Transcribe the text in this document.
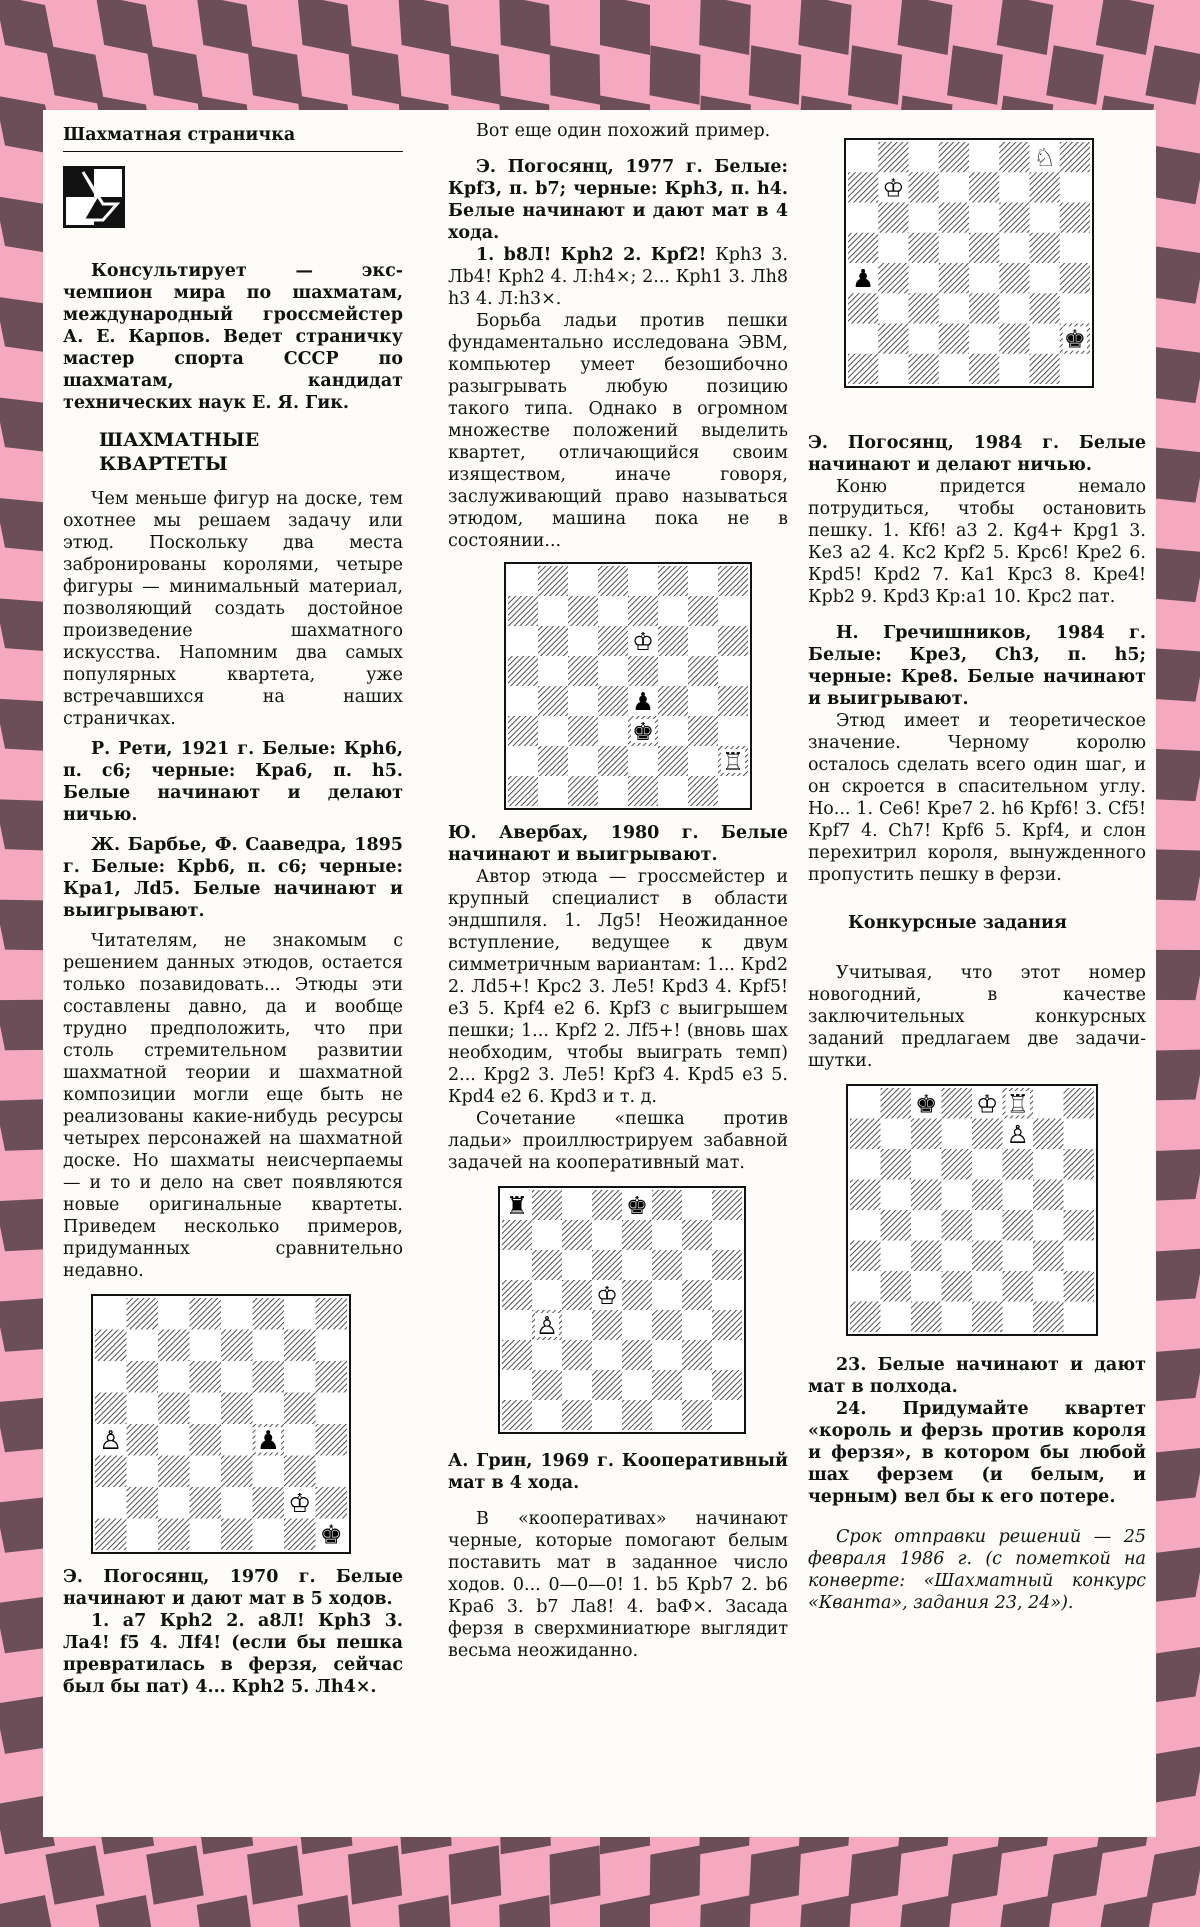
Шахматная страничка

Консультирует — экс-чемпион мира по шахматам, международный гроссмейстер А. Е. Карпов. Ведет страничку мастер спорта СССР по шахматам, кандидат технических наук Е. Я. Гик.

ШАХМАТНЫЕ
КВАРТЕТЫ

Чем меньше фигур на доске, тем охотнее мы решаем задачу или этюд. Поскольку два места забронированы королями, четыре фигуры — минимальный материал, позволяющий создать достойное произведение шахматного искусства. Напомним два самых популярных квартета, уже встречавшихся на наших страничках.

Р. Рети, 1921 г. Белые: Крh6, п. c6; черные: Кра6, п. h5. Белые начинают и делают ничью.

Ж. Барбье, Ф. Сааведра, 1895 г. Белые: Крb6, п. c6; черные: Кра1, Лd5. Белые начинают и выигрывают.

Читателям, не знакомым с решением данных этюдов, остается только позавидовать... Этюды эти составлены давно, да и вообще трудно предположить, что при столь стремительном развитии шахматной теории и шахматной композиции могли еще быть не реализованы какие-нибудь ресурсы четырех персонажей на шахматной доске. Но шахматы неисчерпаемы — и то и дело на свет появляются новые оригинальные квартеты. Приведем несколько примеров, придуманных сравнительно недавно.

♙	♟
♔
♚

Э. Погосянц, 1970 г. Белые начинают и дают мат в 5 ходов.

1. a7 Крh2 2. a8Л! Крh3 3. Лa4! f5 4. Лf4! (если бы пешка превратилась в ферзя, сейчас был бы пат) 4... Крh2 5. Лh4×.

Вот еще один похожий пример.

Э. Погосянц, 1977 г. Белые: Крf3, п. b7; черные: Крh3, п. h4. Белые начинают и дают мат в 4 хода.

1. b8Л! Крh2 2. Крf2! Крh3 3. Лb4! Крh2 4. Л:h4×; 2... Крh1 3. Лh8 h3 4. Л:h3×.

Борьба ладьи против пешки фундаментально исследована ЭВМ, компьютер умеет безошибочно разыгрывать любую позицию такого типа. Однако в огромном множестве положений выделить квартет, отличающийся своим изяществом, иначе говоря, заслуживающий право называться этюдом, машина пока не в состоянии...

♔
♟
♚
♖

Ю. Авербах, 1980 г. Белые начинают и выигрывают.

Автор этюда — гроссмейстер и крупный специалист в области эндшпиля. 1. Лg5! Неожиданное вступление, ведущее к двум симметричным вариантам: 1... Крd2 2. Лd5+! Крc2 3. Лe5! Крd3 4. Крf5! e3 5. Крf4 e2 6. Крf3 с выигрышем пешки; 1... Крf2 2. Лf5+! (вновь шах необходим, чтобы выиграть темп) 2... Крg2 3. Лe5! Крf3 4. Крd5 e3 5. Крd4 e2 6. Крd3 и т. д.

Сочетание «пешка против ладьи» проиллюстрируем забавной задачей на кооперативный мат.

♜	♚
♔
♙

А. Грин, 1969 г. Кооперативный мат в 4 хода.

В «кооперативах» начинают черные, которые помогают белым поставить мат в заданное число ходов. 0... 0—0—0! 1. b5 Крb7 2. b6 Кра6 3. b7 Лa8! 4. baФ×. Засада ферзя в сверхминиатюре выглядит весьма неожиданно.

♘
♔
♟
♚

Э. Погосянц, 1984 г. Белые начинают и делают ничью.

Коню придется немало потрудиться, чтобы остановить пешку. 1. Кf6! a3 2. Кg4+ Крg1 3. Кe3 a2 4. Кc2 Крf2 5. Крc6! Крe2 6. Крd5! Крd2 7. Кa1 Крc3 8. Крe4! Крb2 9. Крd3 Кр:a1 10. Крc2 пат.

Н. Гречишников, 1984 г. Белые: Крe3, Сh3, п. h5; черные: Крe8. Белые начинают и выигрывают.

Этюд имеет и теоретическое значение. Черному королю осталось сделать всего один шаг, и он скроется в спасительном углу. Но... 1. Сe6! Крe7 2. h6 Крf6! 3. Сf5! Крf7 4. Сh7! Крf6 5. Крf4, и слон перехитрил короля, вынужденного пропустить пешку в ферзи.

Конкурсные задания

Учитывая, что этот номер новогодний, в качестве заключительных конкурсных заданий предлагаем две задачи-шутки.

♚ ♔ ♖
♙

23. Белые начинают и дают мат в полхода.

24. Придумайте квартет «король и ферзь против короля и ферзя», в котором бы любой шах ферзем (и белым, и черным) вел бы к его потере.

Срок отправки решений — 25 февраля 1986 г. (с пометкой на конверте: «Шахматный конкурс «Кванта», задания 23, 24»).
